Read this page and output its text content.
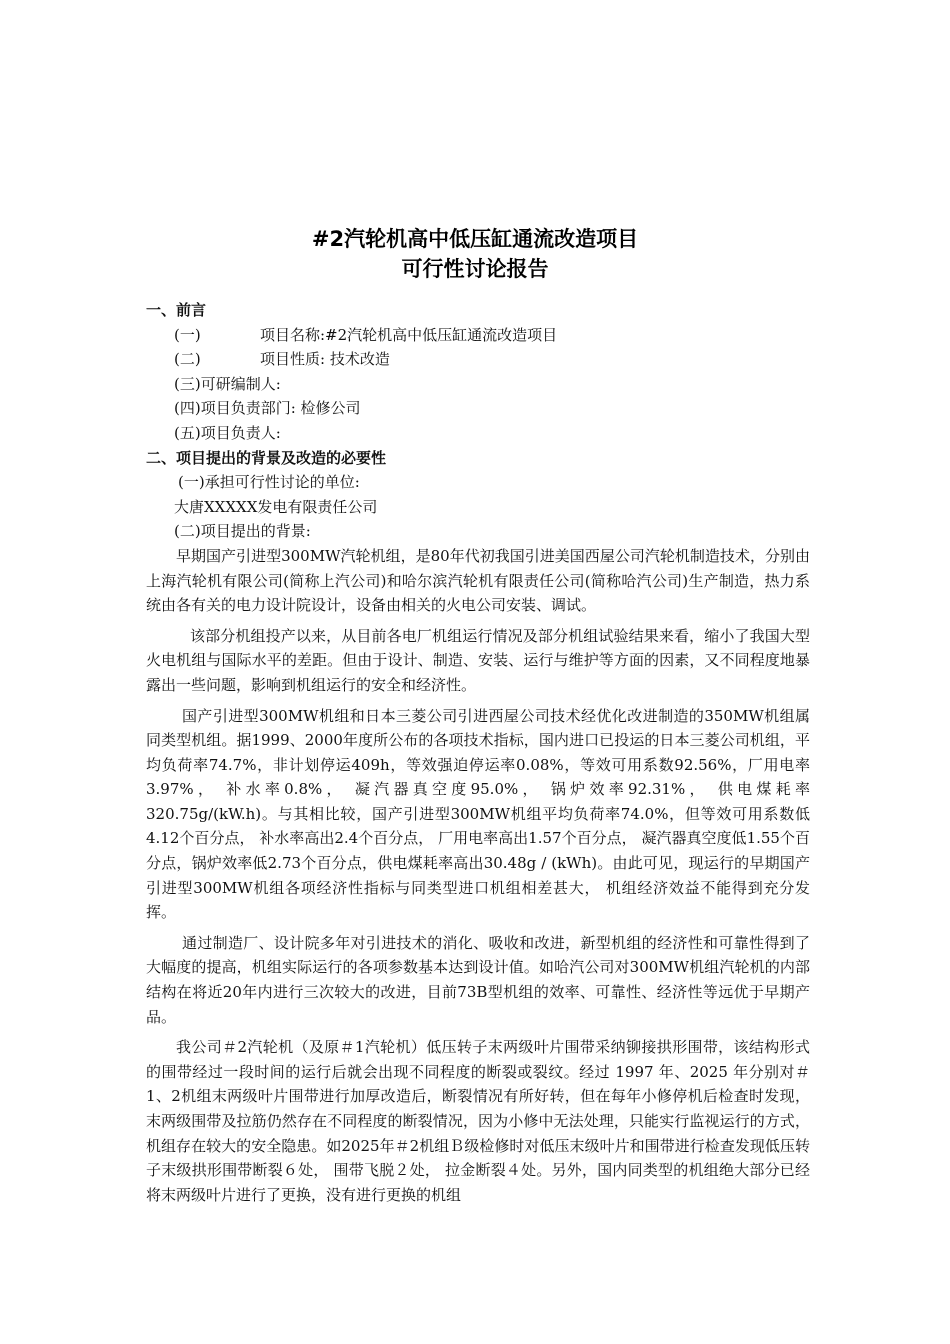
#2汽轮机高中低压缸通流改造项目
可行性讨论报告

一、前言

(一)	项目名称:#2汽轮机高中低压缸通流改造项目

(二)	项目性质: 技术改造

(三)可研编制人:

(四)项目负责部门: 检修公司

(五)项目负责人:

二、项目提出的背景及改造的必要性

(一)承担可行性讨论的单位:

大唐XXXXX发电有限责任公司

(二)项目提出的背景:

早期国产引进型300MW汽轮机组，是80年代初我国引进美国西屋公司汽轮机制造技术，分别由上海汽轮机有限公司(简称上汽公司)和哈尔滨汽轮机有限责任公司(简称哈汽公司)生产制造，热力系统由各有关的电力设计院设计，设备由相关的火电公司安装、调试。

该部分机组投产以来，从目前各电厂机组运行情况及部分机组试验结果来看，缩小了我国大型火电机组与国际水平的差距。但由于设计、制造、安装、运行与维护等方面的因素，又不同程度地暴露出一些问题，影响到机组运行的安全和经济性。

国产引进型300MW机组和日本三菱公司引进西屋公司技术经优化改进制造的350MW机组属同类型机组。据1999、2000年度所公布的各项技术指标，国内进口已投运的日本三菱公司机组，平均负荷率74.7%，非计划停运409h，等效强迫停运率0.08%，等效可用系数92.56%，厂用电率3.97%， 补水率0.8%， 凝汽器真空度95.0%， 锅炉效率92.31%， 供电煤耗率320.75g/(kW.h)。与其相比较，国产引进型300MW机组平均负荷率74.0%，但等效可用系数低4.12个百分点， 补水率高出2.4个百分点， 厂用电率高出1.57个百分点， 凝汽器真空度低1.55个百分点，锅炉效率低2.73个百分点，供电煤耗率高出30.48g / (kWh)。由此可见，现运行的早期国产引进型300MW机组各项经济性指标与同类型进口机组相差甚大， 机组经济效益不能得到充分发挥。

通过制造厂、设计院多年对引进技术的消化、吸收和改进，新型机组的经济性和可靠性得到了大幅度的提高，机组实际运行的各项参数基本达到设计值。如哈汽公司对300MW机组汽轮机的内部结构在将近20年内进行三次较大的改进，目前73B型机组的效率、可靠性、经济性等远优于早期产品。

我公司＃2汽轮机（及原＃1汽轮机）低压转子末两级叶片围带采纳铆接拱形围带，该结构形式的围带经过一段时间的运行后就会出现不同程度的断裂或裂纹。经过 1997 年、2025 年分别对＃1、2机组末两级叶片围带进行加厚改造后，断裂情况有所好转，但在每年小修停机后检查时发现，末两级围带及拉筋仍然存在不同程度的断裂情况，因为小修中无法处理，只能实行监视运行的方式，机组存在较大的安全隐患。如2025年＃2机组Ｂ级检修时对低压末级叶片和围带进行检查发现低压转子末级拱形围带断裂６处， 围带飞脱２处， 拉金断裂４处。另外，国内同类型的机组绝大部分已经将末两级叶片进行了更换，没有进行更换的机组
